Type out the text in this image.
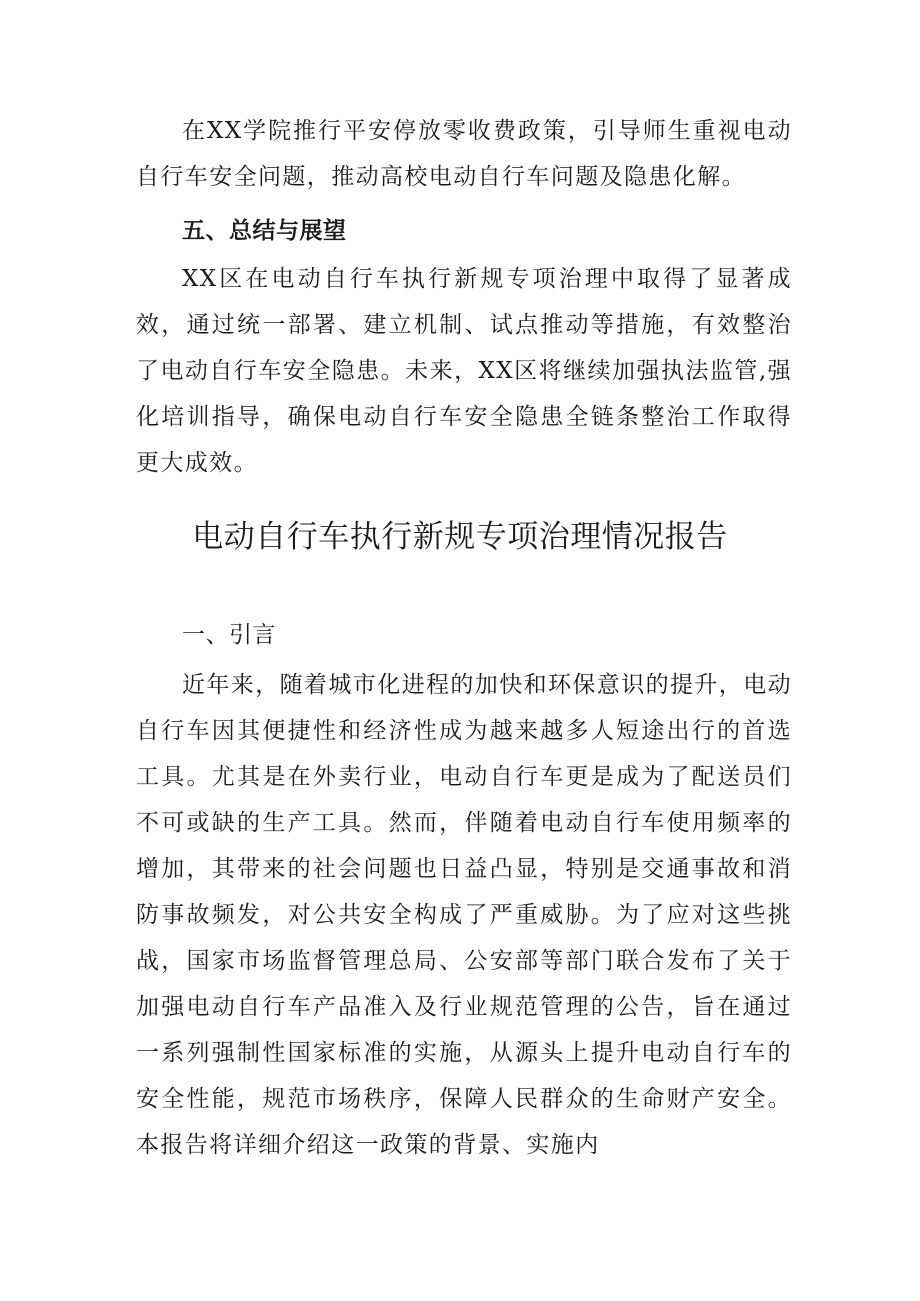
在XX学院推行平安停放零收费政策，引导师生重视电动自行车安全问题，推动高校电动自行车问题及隐患化解。

五、总结与展望

XX区在电动自行车执行新规专项治理中取得了显著成效，通过统一部署、建立机制、试点推动等措施，有效整治了电动自行车安全隐患。未来，XX区将继续加强执法监管,强化培训指导，确保电动自行车安全隐患全链条整治工作取得更大成效。

电动自行车执行新规专项治理情况报告
一、引言

近年来，随着城市化进程的加快和环保意识的提升，电动自行车因其便捷性和经济性成为越来越多人短途出行的首选工具。尤其是在外卖行业，电动自行车更是成为了配送员们不可或缺的生产工具。然而，伴随着电动自行车使用频率的增加，其带来的社会问题也日益凸显，特别是交通事故和消防事故频发，对公共安全构成了严重威胁。为了应对这些挑战，国家市场监督管理总局、公安部等部门联合发布了关于加强电动自行车产品准入及行业规范管理的公告，旨在通过一系列强制性国家标准的实施，从源头上提升电动自行车的安全性能，规范市场秩序，保障人民群众的生命财产安全。本报告将详细介绍这一政策的背景、实施内
